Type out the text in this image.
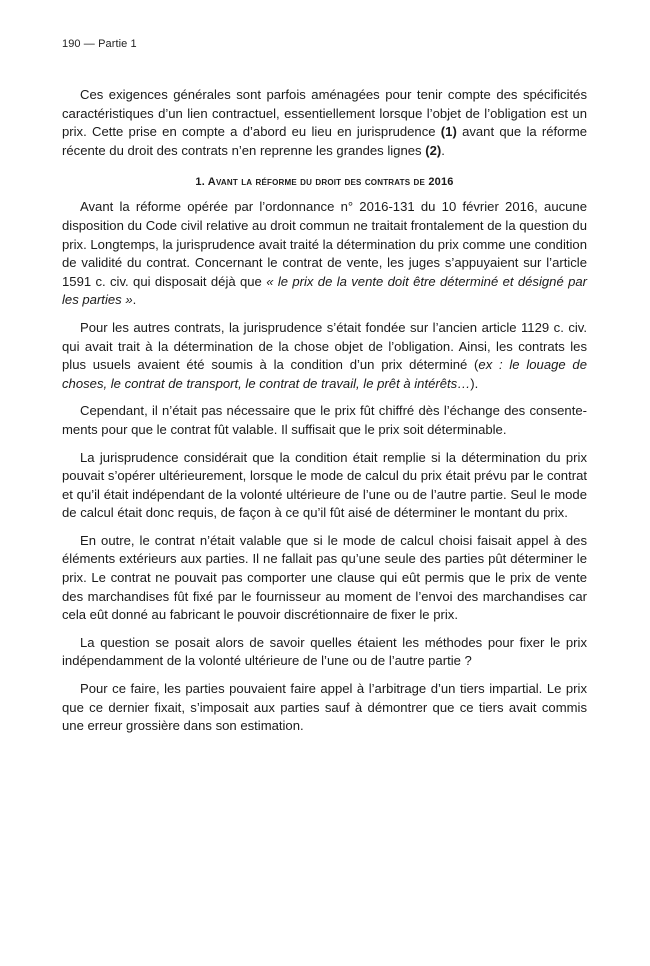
190 — Partie 1

Ces exigences générales sont parfois aménagées pour tenir compte des spécificités caractéristiques d’un lien contractuel, essentiellement lorsque l’objet de l’obligation est un prix. Cette prise en compte a d’abord eu lieu en jurisprudence (1) avant que la réforme récente du droit des contrats n’en reprenne les grandes lignes (2).

1. Avant la réforme du droit des contrats de 2016

Avant la réforme opérée par l’ordonnance n° 2016-131 du 10 février 2016, aucune disposition du Code civil relative au droit commun ne traitait frontalement de la question du prix. Longtemps, la jurisprudence avait traité la détermination du prix comme une condition de validité du contrat. Concernant le contrat de vente, les juges s’appuyaient sur l’article 1591 c. civ. qui disposait déjà que « le prix de la vente doit être déterminé et désigné par les parties ».

Pour les autres contrats, la jurisprudence s’était fondée sur l’ancien article 1129 c. civ. qui avait trait à la détermination de la chose objet de l’obligation. Ainsi, les contrats les plus usuels avaient été soumis à la condition d’un prix déterminé (ex : le louage de choses, le contrat de transport, le contrat de travail, le prêt à intérêts…).

Cependant, il n’était pas nécessaire que le prix fût chiffré dès l’échange des consentements pour que le contrat fût valable. Il suffisait que le prix soit déterminable.

La jurisprudence considérait que la condition était remplie si la détermination du prix pouvait s’opérer ultérieurement, lorsque le mode de calcul du prix était prévu par le contrat et qu’il était indépendant de la volonté ultérieure de l’une ou de l’autre partie. Seul le mode de calcul était donc requis, de façon à ce qu’il fût aisé de déterminer le montant du prix.

En outre, le contrat n’était valable que si le mode de calcul choisi faisait appel à des éléments extérieurs aux parties. Il ne fallait pas qu’une seule des parties pût déterminer le prix. Le contrat ne pouvait pas comporter une clause qui eût permis que le prix de vente des marchandises fût fixé par le fournisseur au moment de l’envoi des marchandises car cela eût donné au fabricant le pouvoir discrétionnaire de fixer le prix.

La question se posait alors de savoir quelles étaient les méthodes pour fixer le prix indépendamment de la volonté ultérieure de l’une ou de l’autre partie ?

Pour ce faire, les parties pouvaient faire appel à l’arbitrage d’un tiers impartial. Le prix que ce dernier fixait, s’imposait aux parties sauf à démontrer que ce tiers avait commis une erreur grossière dans son estimation.
